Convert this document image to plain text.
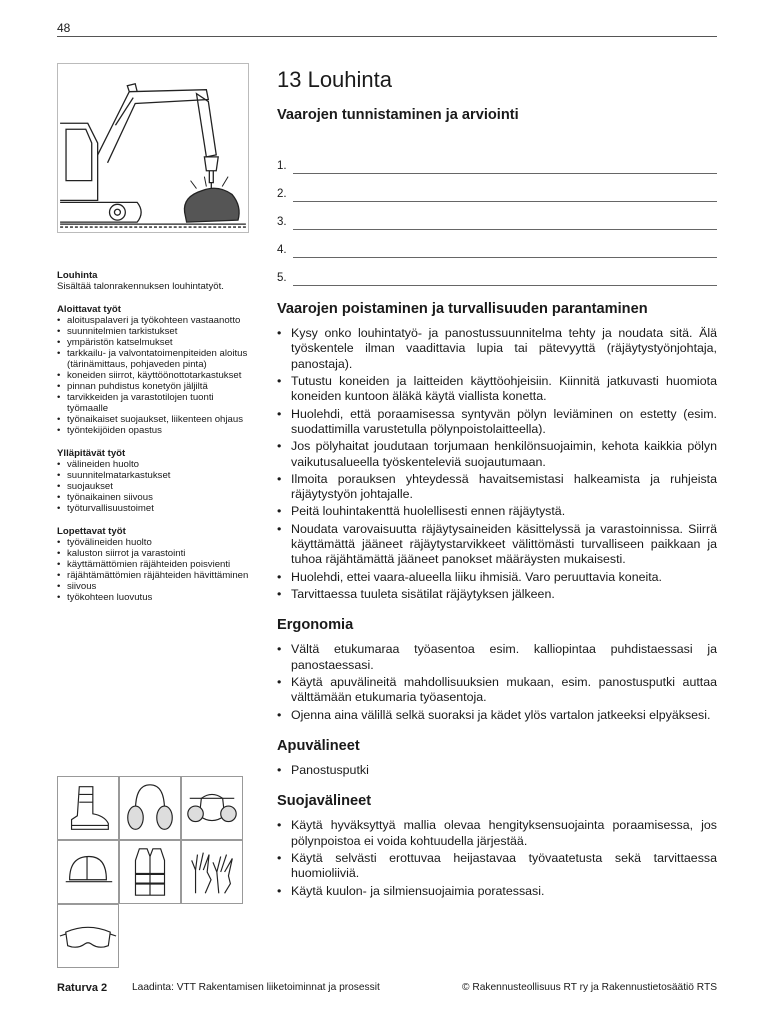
48
Louhinta
Sisältää talonrakennuksen louhintatyöt.
Aloittavat työt
• aloituspalaveri ja työkohteen vastaanotto
• suunnitelmien tarkistukset
• ympäristön katselmukset
• tarkkailu- ja valvontatoimenpiteiden aloitus (tärinämittaus, pohjaveden pinta)
• koneiden siirrot, käyttöönottotarkastukset
• pinnan puhdistus konetyön jäljiltä
• tarvikkeiden ja varastotilojen tuonti työmaalle
• työnaikaiset suojaukset, liikenteen ohjaus
• työntekijöiden opastus
Ylläpitävät työt
• välineiden huolto
• suunnitelmatarkastukset
• suojaukset
• työnaikainen siivous
• työturvallisuustoimet
Lopettavat työt
• työvälineiden huolto
• kaluston siirrot ja varastointi
• käyttämättömien räjähteiden poisvienti
• räjähtämättömien räjähteiden hävittäminen
• siivous
• työkohteen luovutus
13 Louhinta
Vaarojen tunnistaminen ja arviointi
1.
2.
3.
4.
5.
Vaarojen poistaminen ja turvallisuuden parantaminen
• Kysy onko louhintatyö- ja panostussuunnitelma tehty ja noudata sitä. Älä työskentele ilman vaadittavia lupia tai pätevyyttä (räjäytystyönjohtaja, panostaja).
• Tutustu koneiden ja laitteiden käyttöohjeisiin. Kiinnitä jatkuvasti huomiota koneiden kuntoon äläkä käytä viallista konetta.
• Huolehdi, että poraamisessa syntyvän pölyn leviäminen on estetty (esim. suodattimilla varustetulla pölynpoistolaitteella).
• Jos pölyhaitat joudutaan torjumaan henkilönsuojaimin, kehota kaikkia pölyn vaikutusalueella työskenteleviä suojautumaan.
• Ilmoita porauksen yhteydessä havaitsemistasi halkeamista ja ruhjeista räjäytystyön johtajalle.
• Peitä louhintakenttä huolellisesti ennen räjäytystä.
• Noudata varovaisuutta räjäytysaineiden käsittelyssä ja varastoinnissa. Siirrä käyttämättä jääneet räjäytystarvikkeet välittömästi turvalliseen paikkaan ja tuhoa räjähtämättä jääneet panokset määräysten mukaisesti.
• Huolehdi, ettei vaara-alueella liiku ihmisiä. Varo peruuttavia koneita.
• Tarvittaessa tuuleta sisätilat räjäytyksen jälkeen.
Ergonomia
• Vältä etukumaraa työasentoa esim. kalliopintaa puhdistaessasi ja panostaessasi.
• Käytä apuvälineitä mahdollisuuksien mukaan, esim. panostusputki auttaa välttämään etukumaria työasentoja.
• Ojenna aina välillä selkä suoraksi ja kädet ylös vartalon jatkeeksi elpyäksesi.
Apuvälineet
• Panostusputki
Suojavälineet
• Käytä hyväksyttyä mallia olevaa hengityksensuojainta poraamisessa, jos pölynpoistoa ei voida kohtuudella järjestää.
• Käytä selvästi erottuvaa heijastavaa työvaatetusta sekä tarvittaessa huomioliiviä.
• Käytä kuulon- ja silmiensuojaimia poratessasi.
Raturva 2 Laadinta: VTT Rakentamisen liiketoiminnat ja prosessit	© Rakennusteollisuus RT ry ja Rakennustietosäätiö RTS
